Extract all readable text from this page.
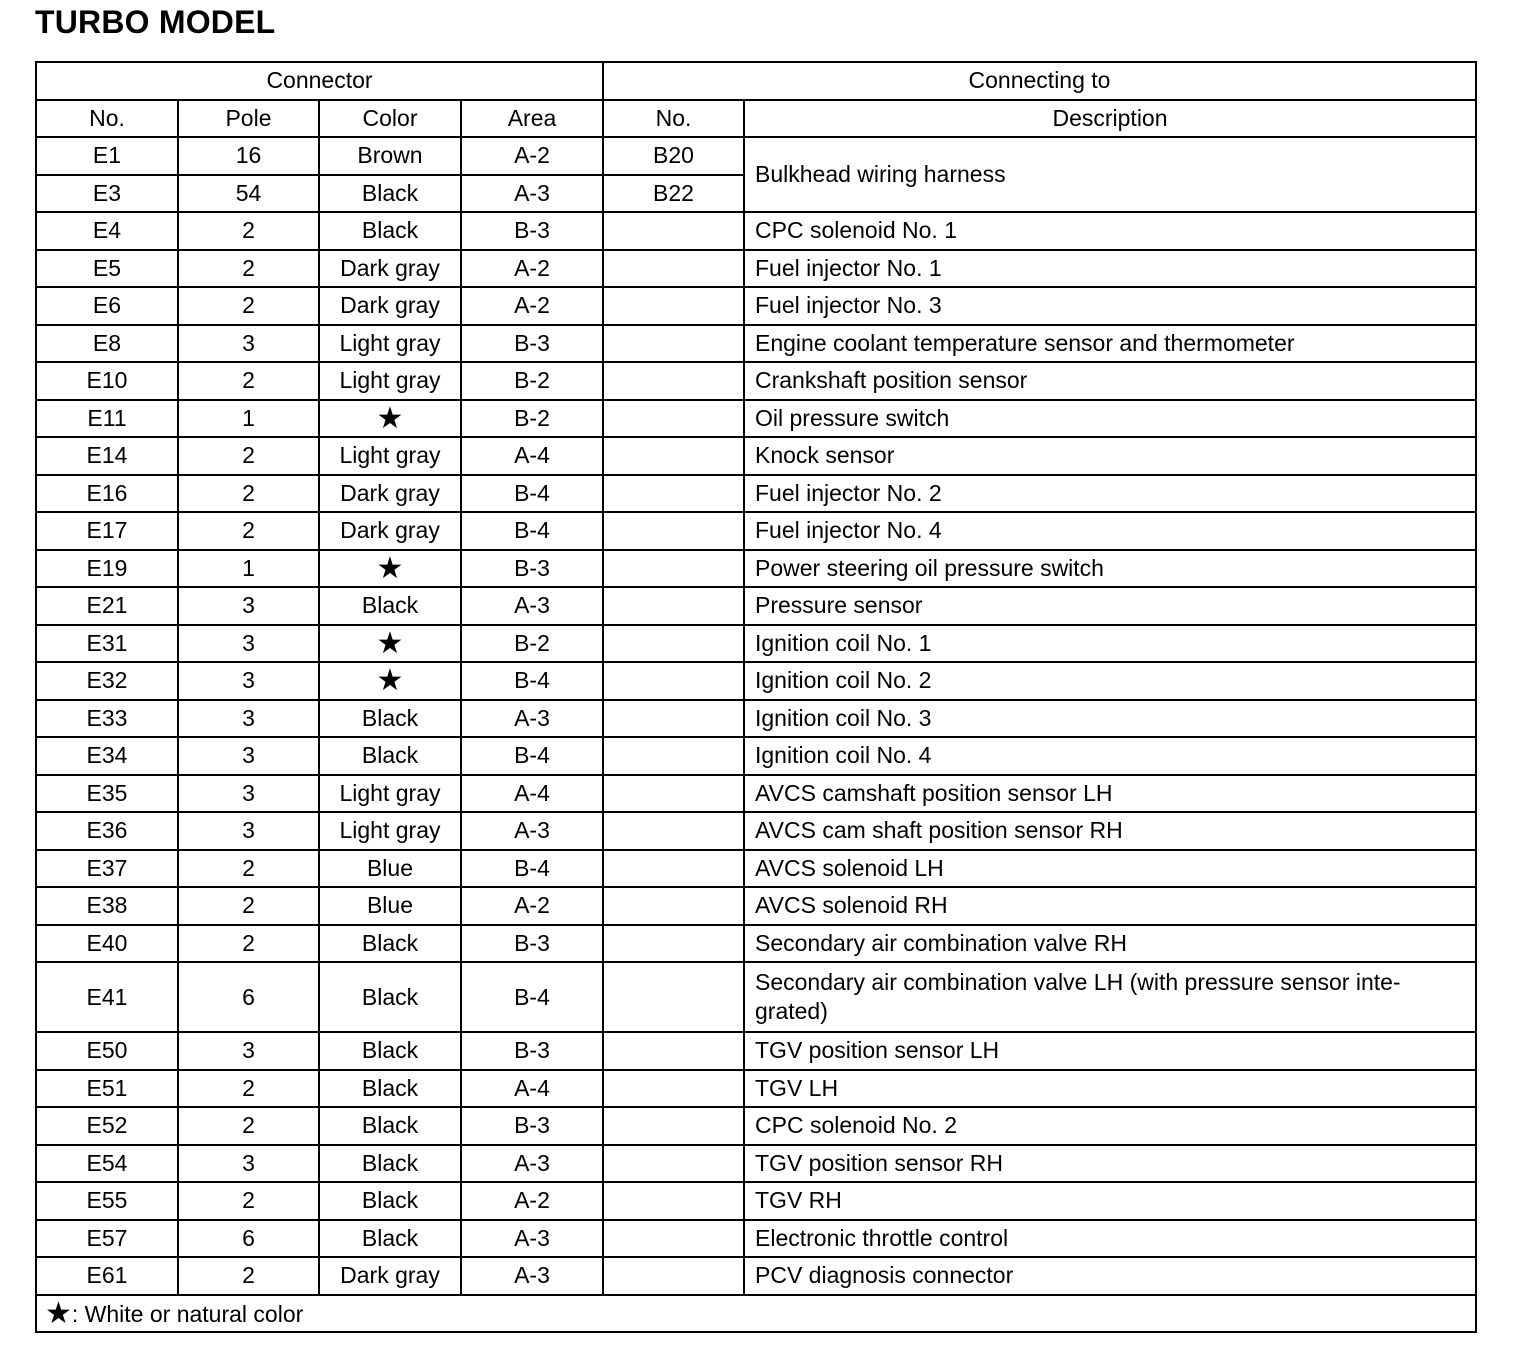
TURBO MODEL
Connector				Connecting to	
No.	Pole	Color	Area	No.	Description
E1	16	Brown	A-2	B20	Bulkhead wiring harness
E3	54	Black	A-3	B22	
E4	2	Black	B-3		CPC solenoid No. 1
E5	2	Dark gray	A-2		Fuel injector No. 1
E6	2	Dark gray	A-2		Fuel injector No. 3
E8	3	Light gray	B-3		Engine coolant temperature sensor and thermometer
E10	2	Light gray	B-2		Crankshaft position sensor
E11	1	★	B-2		Oil pressure switch
E14	2	Light gray	A-4		Knock sensor
E16	2	Dark gray	B-4		Fuel injector No. 2
E17	2	Dark gray	B-4		Fuel injector No. 4
E19	1	★	B-3		Power steering oil pressure switch
E21	3	Black	A-3		Pressure sensor
E31	3	★	B-2		Ignition coil No. 1
E32	3	★	B-4		Ignition coil No. 2
E33	3	Black	A-3		Ignition coil No. 3
E34	3	Black	B-4		Ignition coil No. 4
E35	3	Light gray	A-4		AVCS camshaft position sensor LH
E36	3	Light gray	A-3		AVCS cam shaft position sensor RH
E37	2	Blue	B-4		AVCS solenoid LH
E38	2	Blue	A-2		AVCS solenoid RH
E40	2	Black	B-3		Secondary air combination valve RH
E41	6	Black	B-4		Secondary air combination valve LH (with pressure sensor inte-grated)
E50	3	Black	B-3		TGV position sensor LH
E51	2	Black	A-4		TGV LH
E52	2	Black	B-3		CPC solenoid No. 2
E54	3	Black	A-3		TGV position sensor RH
E55	2	Black	A-2		TGV RH
E57	6	Black	A-3		Electronic throttle control
E61	2	Dark gray	A-3		PCV diagnosis connector
★: White or natural color					
